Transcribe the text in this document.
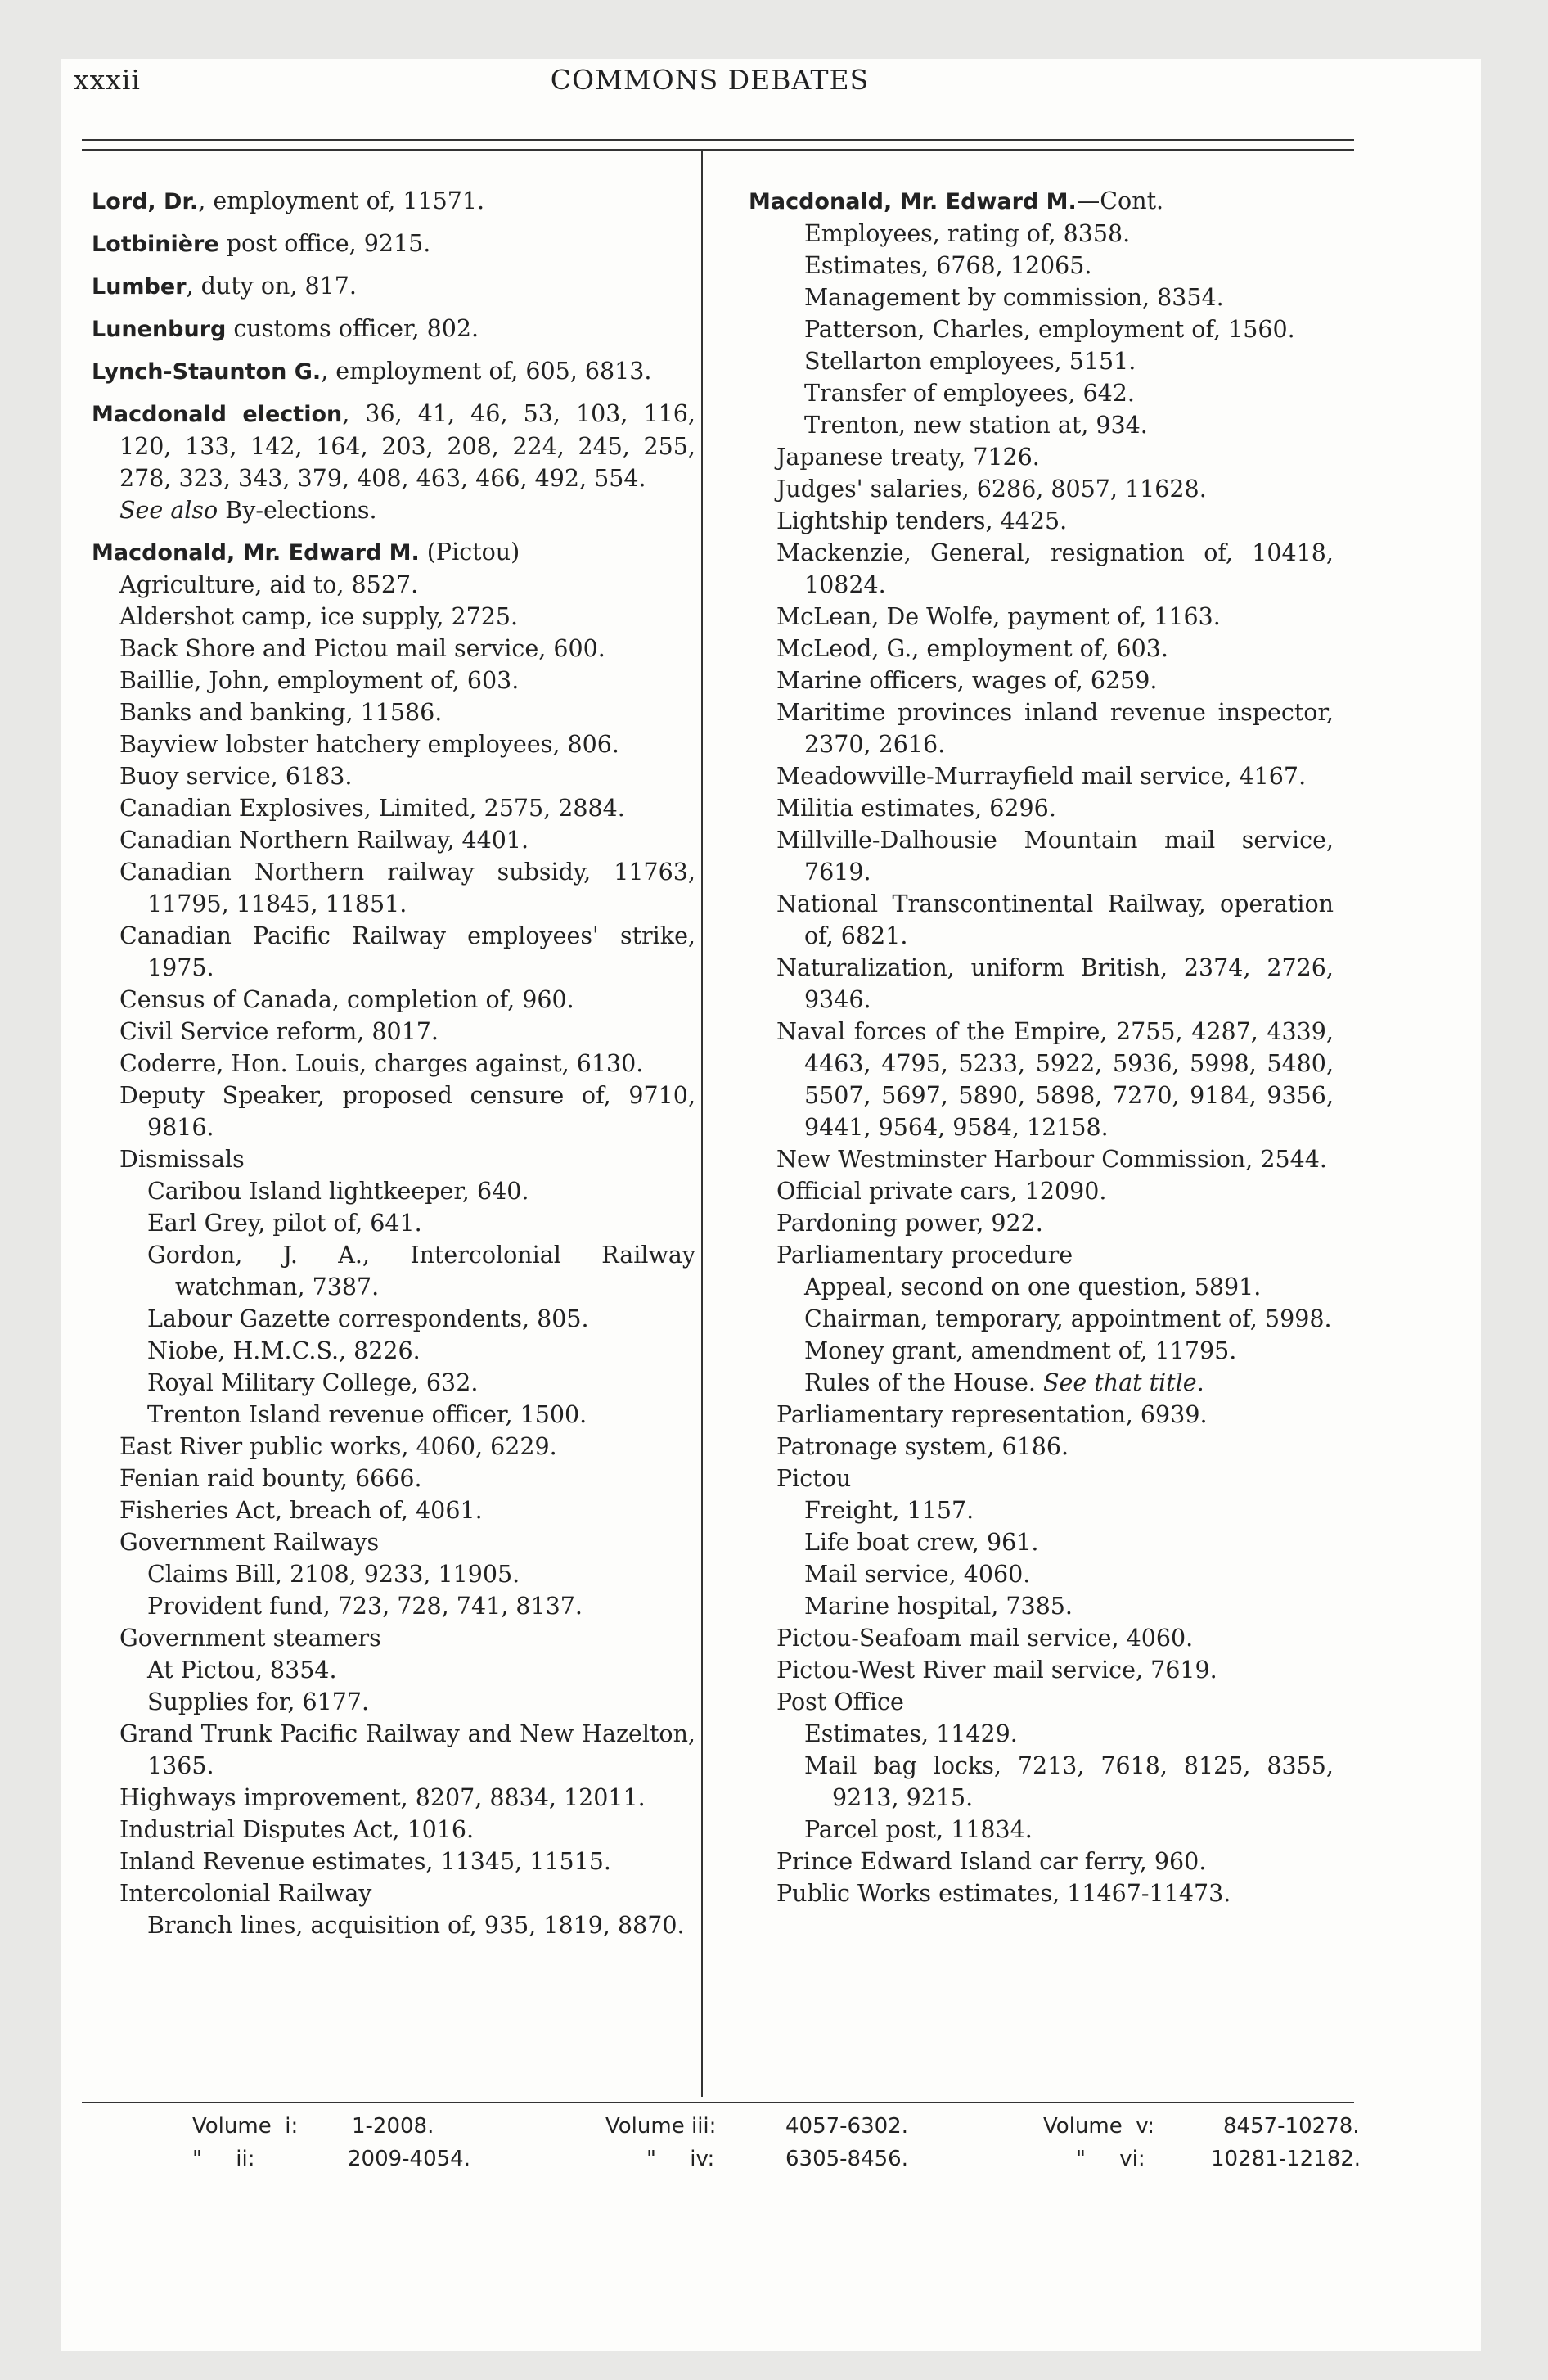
xxxii	COMMONS DEBATES
Lord, Dr., employment of, 11571.
Lotbinière post office, 9215.
Lumber, duty on, 817.
Lunenburg customs officer, 802.
Lynch-Staunton G., employment of, 605, 6813.
Macdonald election, 36, 41, 46, 53, 103, 116, 120, 133, 142, 164, 203, 208, 224, 245, 255, 278, 323, 343, 379, 408, 463, 466, 492, 554.
See also By-elections.
Macdonald, Mr. Edward M. (Pictou)
Agriculture, aid to, 8527.
Aldershot camp, ice supply, 2725.
Back Shore and Pictou mail service, 600.
Baillie, John, employment of, 603.
Banks and banking, 11586.
Bayview lobster hatchery employees, 806.
Buoy service, 6183.
Canadian Explosives, Limited, 2575, 2884.
Canadian Northern Railway, 4401.
Canadian Northern railway subsidy, 11763, 11795, 11845, 11851.
Canadian Pacific Railway employees' strike, 1975.
Census of Canada, completion of, 960.
Civil Service reform, 8017.
Coderre, Hon. Louis, charges against, 6130.
Deputy Speaker, proposed censure of, 9710, 9816.
Dismissals
Caribou Island lightkeeper, 640.
Earl Grey, pilot of, 641.
Gordon, J. A., Intercolonial Railway watchman, 7387.
Labour Gazette correspondents, 805.
Niobe, H.M.C.S., 8226.
Royal Military College, 632.
Trenton Island revenue officer, 1500.
East River public works, 4060, 6229.
Fenian raid bounty, 6666.
Fisheries Act, breach of, 4061.
Government Railways
Claims Bill, 2108, 9233, 11905.
Provident fund, 723, 728, 741, 8137.
Government steamers
At Pictou, 8354.
Supplies for, 6177.
Grand Trunk Pacific Railway and New Hazelton, 1365.
Highways improvement, 8207, 8834, 12011.
Industrial Disputes Act, 1016.
Inland Revenue estimates, 11345, 11515.
Intercolonial Railway
Branch lines, acquisition of, 935, 1819, 8870.
Macdonald, Mr. Edward M.—Cont.
Employees, rating of, 8358.
Estimates, 6768, 12065.
Management by commission, 8354.
Patterson, Charles, employment of, 1560.
Stellarton employees, 5151.
Transfer of employees, 642.
Trenton, new station at, 934.
Japanese treaty, 7126.
Judges' salaries, 6286, 8057, 11628.
Lightship tenders, 4425.
Mackenzie, General, resignation of, 10418, 10824.
McLean, De Wolfe, payment of, 1163.
McLeod, G., employment of, 603.
Marine officers, wages of, 6259.
Maritime provinces inland revenue inspector, 2370, 2616.
Meadowville-Murrayfield mail service, 4167.
Militia estimates, 6296.
Millville-Dalhousie Mountain mail service, 7619.
National Transcontinental Railway, operation of, 6821.
Naturalization, uniform British, 2374, 2726, 9346.
Naval forces of the Empire, 2755, 4287, 4339, 4463, 4795, 5233, 5922, 5936, 5998, 5480, 5507, 5697, 5890, 5898, 7270, 9184, 9356, 9441, 9564, 9584, 12158.
New Westminster Harbour Commission, 2544.
Official private cars, 12090.
Pardoning power, 922.
Parliamentary procedure
Appeal, second on one question, 5891.
Chairman, temporary, appointment of, 5998.
Money grant, amendment of, 11795.
Rules of the House. See that title.
Parliamentary representation, 6939.
Patronage system, 6186.
Pictou
Freight, 1157.
Life boat crew, 961.
Mail service, 4060.
Marine hospital, 7385.
Pictou-Seafoam mail service, 4060.
Pictou-West River mail service, 7619.
Post Office
Estimates, 11429.
Mail bag locks, 7213, 7618, 8125, 8355, 9213, 9215.
Parcel post, 11834.
Prince Edward Island car ferry, 960.
Public Works estimates, 11467-11473.
Volume  i:	1-2008.
"     ii:	2009-4054.
Volume iii:	4057-6302.
"     iv:	6305-8456.
Volume  v:	8457-10278.
"     vi:	10281-12182.
